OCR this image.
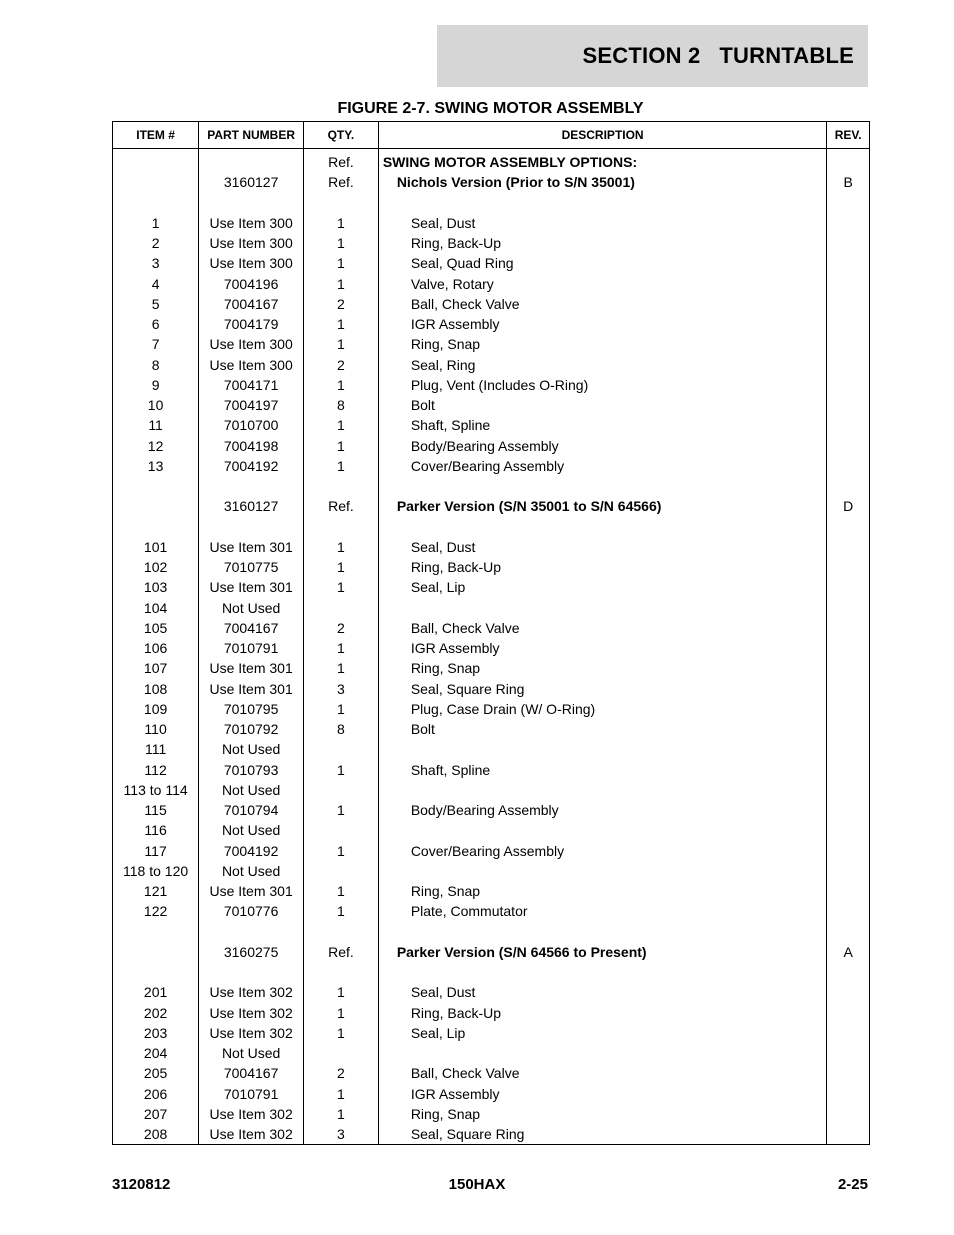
SECTION 2   TURNTABLE
FIGURE 2-7. SWING MOTOR ASSEMBLY
ITEM #	PART NUMBER	QTY.	DESCRIPTION	REV.
		Ref.	SWING MOTOR ASSEMBLY OPTIONS:	
	3160127	Ref.	Nichols Version (Prior to S/N 35001)	B

1	Use Item 300	1	Seal, Dust	
2	Use Item 300	1	Ring, Back-Up	
3	Use Item 300	1	Seal, Quad Ring	
4	7004196	1	Valve, Rotary	
5	7004167	2	Ball, Check Valve	
6	7004179	1	IGR Assembly	
7	Use Item 300	1	Ring, Snap	
8	Use Item 300	2	Seal, Ring	
9	7004171	1	Plug, Vent (Includes O-Ring)	
10	7004197	8	Bolt	
11	7010700	1	Shaft, Spline	
12	7004198	1	Body/Bearing Assembly	
13	7004192	1	Cover/Bearing Assembly	

	3160127	Ref.	Parker Version (S/N 35001 to S/N 64566)	D

101	Use Item 301	1	Seal, Dust	
102	7010775	1	Ring, Back-Up	
103	Use Item 301	1	Seal, Lip	
104	Not Used			
105	7004167	2	Ball, Check Valve	
106	7010791	1	IGR Assembly	
107	Use Item 301	1	Ring, Snap	
108	Use Item 301	3	Seal, Square Ring	
109	7010795	1	Plug, Case Drain (W/ O-Ring)	
110	7010792	8	Bolt	
111	Not Used			
112	7010793	1	Shaft, Spline	
113 to 114	Not Used			
115	7010794	1	Body/Bearing Assembly	
116	Not Used			
117	7004192	1	Cover/Bearing Assembly	
118 to 120	Not Used			
121	Use Item 301	1	Ring, Snap	
122	7010776	1	Plate, Commutator	

	3160275	Ref.	Parker Version (S/N 64566 to Present)	A

201	Use Item 302	1	Seal, Dust	
202	Use Item 302	1	Ring, Back-Up	
203	Use Item 302	1	Seal, Lip	
204	Not Used			
205	7004167	2	Ball, Check Valve	
206	7010791	1	IGR Assembly	
207	Use Item 302	1	Ring, Snap	
208	Use Item 302	3	Seal, Square Ring	
3120812	150HAX	2-25
